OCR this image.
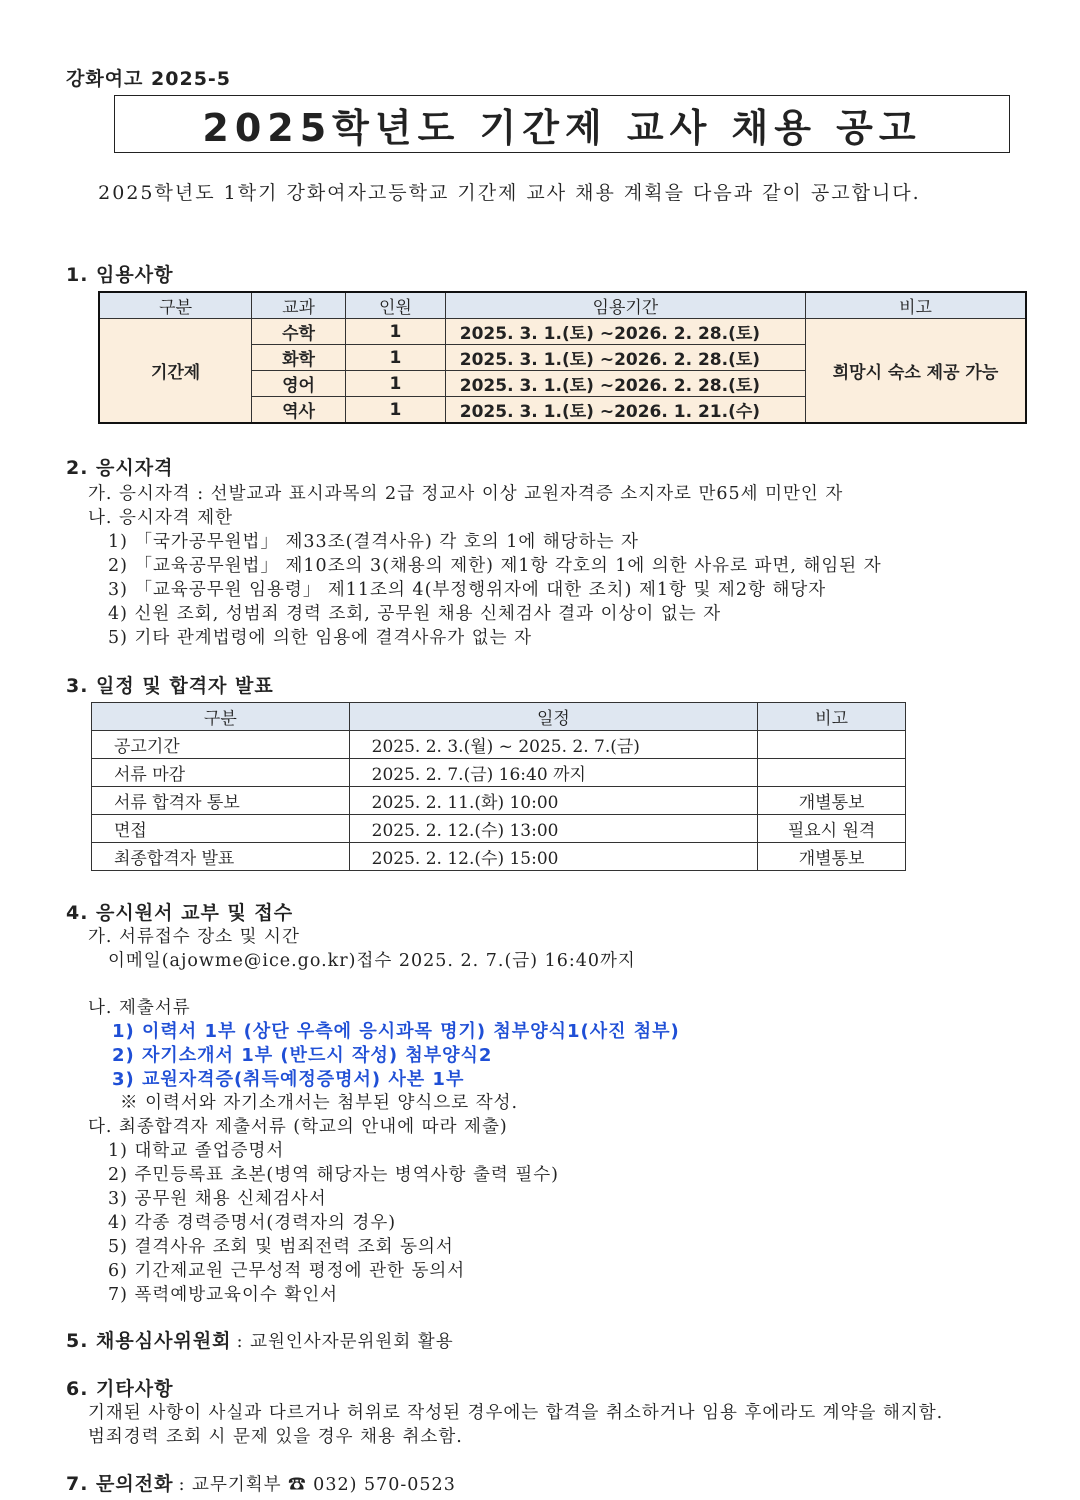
강화여고 2025-5
2025학년도 기간제 교사 채용 공고
2025학년도 1학기 강화여자고등학교 기간제 교사 채용 계획을 다음과 같이 공고합니다.
1. 임용사항
구분	교과	인원	임용기간	비고
기간제	수학	1	2025. 3. 1.(토) ~2026. 2. 28.(토)	희망시 숙소 제공 가능
	화학	1	2025. 3. 1.(토) ~2026. 2. 28.(토)	
	영어	1	2025. 3. 1.(토) ~2026. 2. 28.(토)	
	역사	1	2025. 3. 1.(토) ~2026. 1. 21.(수)	
2. 응시자격
가. 응시자격 : 선발교과 표시과목의 2급 정교사 이상 교원자격증 소지자로 만65세 미만인 자
나. 응시자격 제한
1) 「국가공무원법」 제33조(결격사유) 각 호의 1에 해당하는 자
2) 「교육공무원법」 제10조의 3(채용의 제한) 제1항 각호의 1에 의한 사유로 파면, 해임된 자
3) 「교육공무원 임용령」 제11조의 4(부정행위자에 대한 조치) 제1항 및 제2항 해당자
4) 신원 조회, 성범죄 경력 조회, 공무원 채용 신체검사 결과 이상이 없는 자
5) 기타 관계법령에 의한 임용에 결격사유가 없는 자
3. 일정 및 합격자 발표
구분	일정	비고
공고기간	2025. 2. 3.(월) ~ 2025. 2. 7.(금)	
서류 마감	2025. 2. 7.(금) 16:40 까지	
서류 합격자 통보	2025. 2. 11.(화) 10:00	개별통보
면접	2025. 2. 12.(수) 13:00	필요시 원격
최종합격자 발표	2025. 2. 12.(수) 15:00	개별통보
4. 응시원서 교부 및 접수
가. 서류접수 장소 및 시간
이메일(ajowme@ice.go.kr)접수 2025. 2. 7.(금) 16:40까지
나. 제출서류
1) 이력서 1부 (상단 우측에 응시과목 명기) 첨부양식1(사진 첨부)
2) 자기소개서 1부 (반드시 작성) 첨부양식2
3) 교원자격증(취득예정증명서) 사본 1부
※ 이력서와 자기소개서는 첨부된 양식으로 작성.
다. 최종합격자 제출서류 (학교의 안내에 따라 제출)
1) 대학교 졸업증명서
2) 주민등록표 초본(병역 해당자는 병역사항 출력 필수)
3) 공무원 채용 신체검사서
4) 각종 경력증명서(경력자의 경우)
5) 결격사유 조회 및 범죄전력 조회 동의서
6) 기간제교원 근무성적 평정에 관한 동의서
7) 폭력예방교육이수 확인서
5. 채용심사위원회 : 교원인사자문위원회 활용
6. 기타사항
기재된 사항이 사실과 다르거나 허위로 작성된 경우에는 합격을 취소하거나 임용 후에라도 계약을 해지함.
범죄경력 조회 시 문제 있을 경우 채용 취소함.
7. 문의전화 : 교무기획부 ☎ 032) 570-0523
